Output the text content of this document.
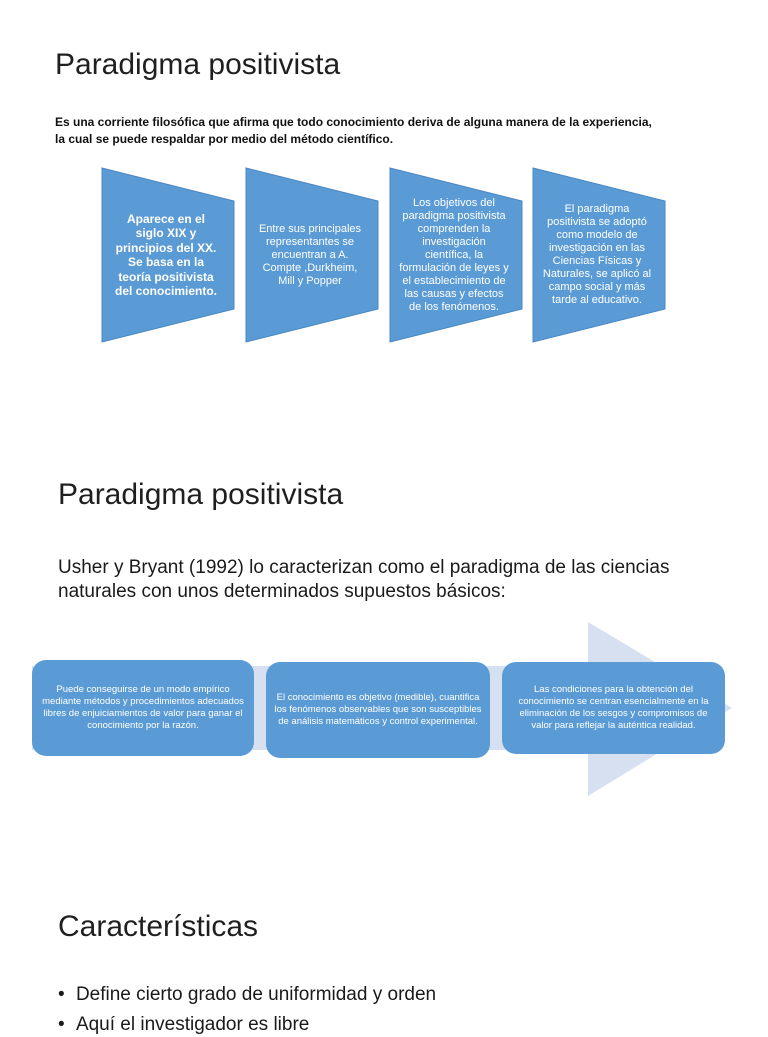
Paradigma positivista
Es una corriente filosófica que afirma que todo conocimiento deriva de alguna manera de la experiencia,
la cual se puede respaldar por medio del método científico.
Aparece en el siglo XIX y principios del XX. Se basa en la teoría positivista del conocimiento.
Entre sus principales representantes se encuentran a A. Compte ,Durkheim, Mill y Popper
Los objetivos del paradigma positivista comprenden la investigación científica, la formulación de leyes y el establecimiento de las causas y efectos de los fenómenos.
El paradigma positivista se adoptó como modelo de investigación en las Ciencias Físicas y Naturales, se aplicó al campo social y más tarde al educativo.
Paradigma positivista
Usher y Bryant (1992) lo caracterizan como el paradigma de las ciencias
naturales con unos determinados supuestos básicos:
Puede conseguirse de un modo empírico mediante métodos y procedimientos adecuados libres de enjuiciamientos de valor para ganar el conocimiento por la razón.
El conocimiento es objetivo (medible), cuantifica los fenómenos observables que son susceptibles de análisis matemáticos y control experimental.
Las condiciones para la obtención del conocimiento se centran esencialmente en la eliminación de los sesgos y compromisos de valor para reflejar la auténtica realidad.
Características
• Define cierto grado de uniformidad y orden
• Aquí el investigador es libre
